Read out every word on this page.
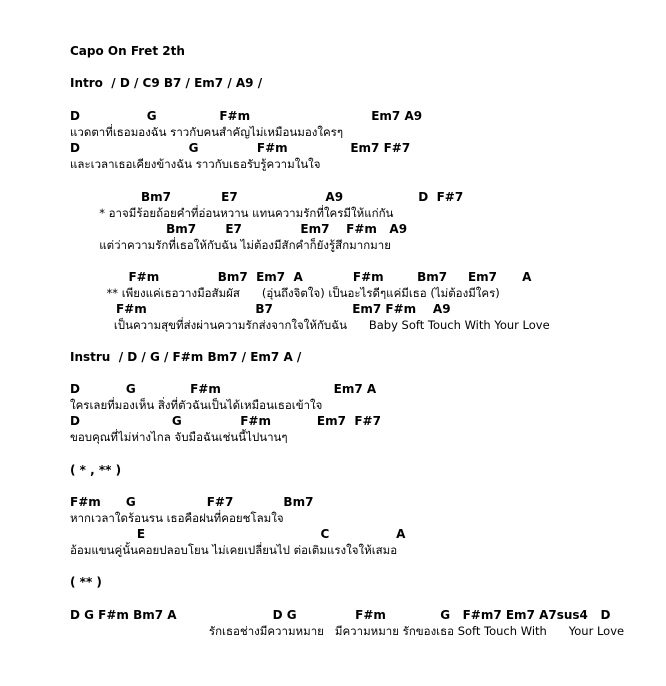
Capo On Fret 2th
Intro  / D / C9 B7 / Em7 / A9 /
D                G               F#m                             Em7 A9
แวดตาที่เธอมองฉัน ราวกับคนสำคัญไม่เหมือนมองใครๆ
D                          G              F#m               Em7 F#7
และเวลาเธอเคียงข้างฉัน ราวกับเธอรับรู้ความในใจ
Bm7            E7                     A9                  D  F#7
* อาจมีร้อยถ้อยคำที่อ่อนหวาน แทนความรักที่ใครมีให้แก่กัน
Bm7       E7              Em7    F#m   A9
แต่ว่าความรักที่เธอให้กับฉัน ไม่ต้องมีสักคำก็ยังรู้สึกมากมาย
F#m              Bm7  Em7  A            F#m        Bm7     Em7      A
** เพียงแค่เธอวางมือสัมผัส      (อุ่นถึงจิตใจ) เป็นอะไรดีๆแค่มีเธอ (ไม่ต้องมีใคร)
F#m                          B7                   Em7 F#m    A9
เป็นความสุขที่ส่งผ่านความรักส่งจากใจให้กับฉัน      Baby Soft Touch With Your Love
Instru  / D / G / F#m Bm7 / Em7 A /
D           G             F#m                           Em7 A
ใครเลยที่มองเห็น สิ่งที่ตัวฉันเป็นได้เหมือนเธอเข้าใจ
D                      G              F#m           Em7  F#7
ขอบคุณที่ไม่ห่างไกล จับมือฉันเช่นนี้ไปนานๆ
( * , ** )
F#m      G                 F#7            Bm7
หากเวลาใดร้อนรน เธอคือฝนที่คอยชโลมใจ
E                                          C                A
อ้อมแขนคู่นั้นคอยปลอบโยน ไม่เคยเปลี่ยนไป ต่อเติมแรงใจให้เสมอ
( ** )
D G F#m Bm7 A                       D G              F#m             G   F#m7 Em7 A7sus4   D
รักเธอช่างมีความหมาย   มีความหมาย รักของเธอ Soft Touch With      Your Love
